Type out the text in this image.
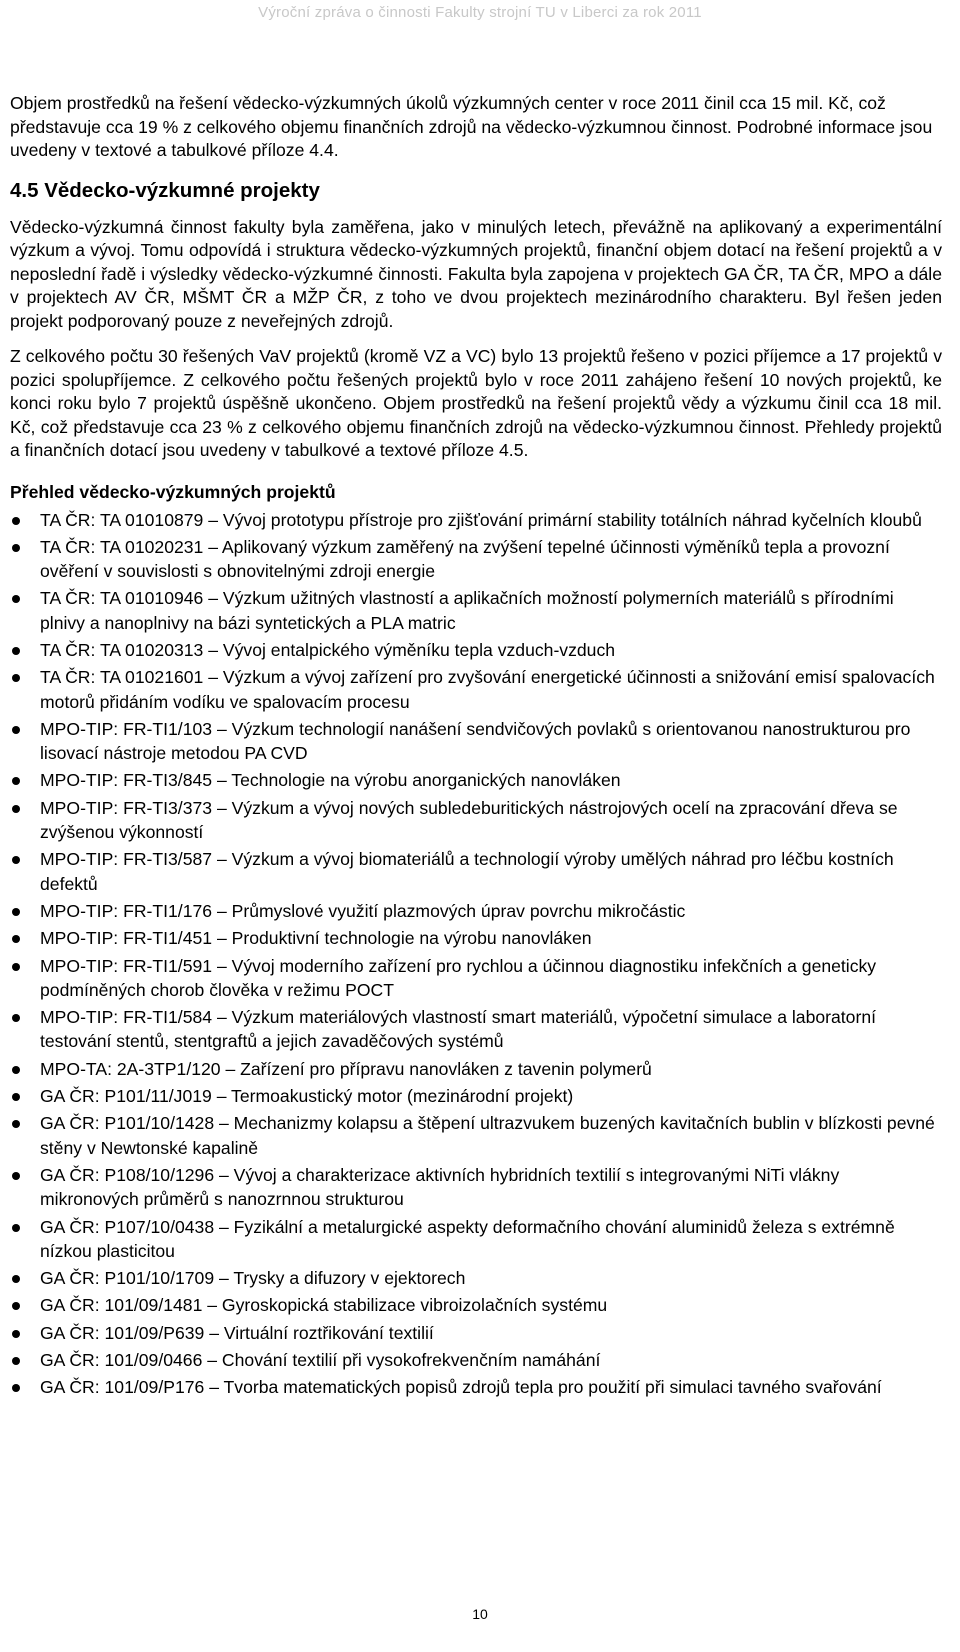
Výroční zpráva o činnosti Fakulty strojní TU v Liberci za rok 2011

Objem prostředků na řešení vědecko-výzkumných úkolů výzkumných center v roce 2011 činil cca 15 mil. Kč, což představuje cca 19 % z celkového objemu finančních zdrojů na vědecko-výzkumnou činnost. Podrobné informace jsou uvedeny v textové a tabulkové příloze 4.4.

4.5 Vědecko-výzkumné projekty

Vědecko-výzkumná činnost fakulty byla zaměřena, jako v minulých letech, převážně na aplikovaný a experimentální výzkum a vývoj. Tomu odpovídá i struktura vědecko-výzkumných projektů, finanční objem dotací na řešení projektů a v neposlední řadě i výsledky vědecko-výzkumné činnosti. Fakulta byla zapojena v projektech GA ČR, TA ČR, MPO a dále v projektech AV ČR, MŠMT ČR a MŽP ČR, z toho ve dvou projektech mezinárodního charakteru. Byl řešen jeden projekt podporovaný pouze z neveřejných zdrojů.

Z celkového počtu 30 řešených VaV projektů (kromě VZ a VC) bylo 13 projektů řešeno v pozici příjemce a 17 projektů v pozici spolupříjemce. Z celkového počtu řešených projektů bylo v roce 2011 zahájeno řešení 10 nových projektů, ke konci roku bylo 7 projektů úspěšně ukončeno. Objem prostředků na řešení projektů vědy a výzkumu činil cca 18 mil. Kč, což představuje cca 23 % z celkového objemu finančních zdrojů na vědecko-výzkumnou činnost. Přehledy projektů a finančních dotací jsou uvedeny v tabulkové a textové příloze 4.5.

Přehled vědecko-výzkumných projektů
TA ČR: TA 01010879 – Vývoj prototypu přístroje pro zjišťování primární stability totálních náhrad kyčelních kloubů
TA ČR: TA 01020231 – Aplikovaný výzkum zaměřený na zvýšení tepelné účinnosti výměníků tepla a provozní ověření v souvislosti s obnovitelnými zdroji energie
TA ČR: TA 01010946 – Výzkum užitných vlastností a aplikačních možností polymerních materiálů s přírodními plnivy a nanoplnivy na bázi syntetických a PLA matric
TA ČR: TA 01020313 – Vývoj entalpického výměníku tepla vzduch-vzduch
TA ČR: TA 01021601 – Výzkum a vývoj zařízení pro zvyšování energetické účinnosti a snižování emisí spalovacích motorů přidáním vodíku ve spalovacím procesu
MPO-TIP: FR-TI1/103 – Výzkum technologií nanášení sendvičových povlaků s orientovanou nanostrukturou pro lisovací nástroje metodou PA CVD
MPO-TIP: FR-TI3/845 – Technologie na výrobu anorganických nanovláken
MPO-TIP: FR-TI3/373 – Výzkum a vývoj nových subledeburitických nástrojových ocelí na zpracování dřeva se zvýšenou výkonností
MPO-TIP: FR-TI3/587 – Výzkum a vývoj biomateriálů a technologií výroby umělých náhrad pro léčbu kostních defektů
MPO-TIP: FR-TI1/176 – Průmyslové využití plazmových úprav povrchu mikročástic
MPO-TIP: FR-TI1/451 – Produktivní technologie na výrobu nanovláken
MPO-TIP: FR-TI1/591 – Vývoj moderního zařízení pro rychlou a účinnou diagnostiku infekčních a geneticky podmíněných chorob člověka v režimu POCT
MPO-TIP: FR-TI1/584 – Výzkum materiálových vlastností smart materiálů, výpočetní simulace a laboratorní testování stentů, stentgraftů a jejich zavaděčových systémů
MPO-TA: 2A-3TP1/120 – Zařízení pro přípravu nanovláken z tavenin polymerů
GA ČR: P101/11/J019 – Termoakustický motor (mezinárodní projekt)
GA ČR: P101/10/1428 – Mechanizmy kolapsu a štěpení ultrazvukem buzených kavitačních bublin v blízkosti pevné stěny v Newtonské kapalině
GA ČR: P108/10/1296 – Vývoj a charakterizace aktivních hybridních textilií s integrovanými NiTi vlákny mikronových průměrů s nanozrnnou strukturou
GA ČR: P107/10/0438 – Fyzikální a metalurgické aspekty deformačního chování aluminidů železa s extrémně nízkou plasticitou
GA ČR: P101/10/1709 – Trysky a difuzory v ejektorech
GA ČR: 101/09/1481 – Gyroskopická stabilizace vibroizolačních systému
GA ČR: 101/09/P639 – Virtuální roztřikování textilií
GA ČR: 101/09/0466 – Chování textilií při vysokofrekvenčním namáhání
GA ČR: 101/09/P176 – Tvorba matematických popisů zdrojů tepla pro použití při simulaci tavného svařování
10
